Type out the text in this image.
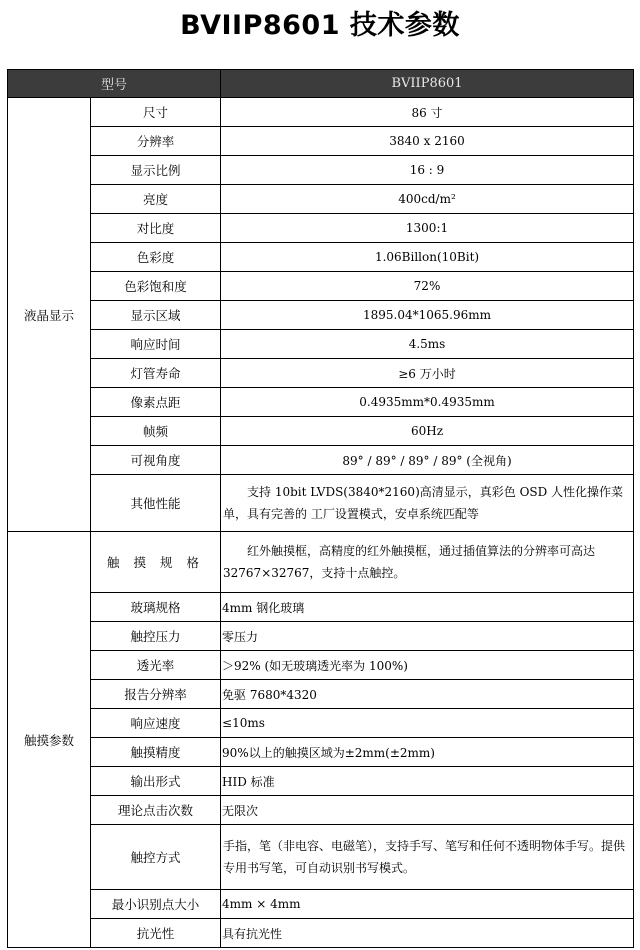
BVIIP8601 技术参数
型号		BVIIP8601
液晶显示	尺寸	86 寸
	分辨率	3840 x 2160
	显示比例	16 : 9
	亮度	400cd/m²
	对比度	1300:1
	色彩度	1.06Billon(10Bit)
	色彩饱和度	72%
	显示区域	1895.04*1065.96mm
	响应时间	4.5ms
	灯管寿命	≥6 万小时
	像素点距	0.4935mm*0.4935mm
	帧频	60Hz
	可视角度	89° / 89° / 89° / 89° (全视角)
	其他性能	支持 10bit LVDS(3840*2160)高清显示，真彩色 OSD 人性化操作菜单，具有完善的 工厂设置模式，安卓系统匹配等
触摸参数	触 摸 规 格	红外触摸框，高精度的红外触摸框，通过插值算法的分辨率可高达 32767×32767，支持十点触控。
	玻璃规格	4mm 钢化玻璃
	触控压力	零压力
	透光率	＞92% (如无玻璃透光率为 100%)
	报告分辨率	免驱 7680*4320
	响应速度	≤10ms
	触摸精度	90%以上的触摸区域为±2mm(±2mm)
	输出形式	HID 标准
	理论点击次数	无限次
	触控方式	手指，笔（非电容、电磁笔），支持手写、笔写和任何不透明物体手写。提供专用书写笔，可自动识别书写模式。
	最小识别点大小	4mm × 4mm
	抗光性	具有抗光性
